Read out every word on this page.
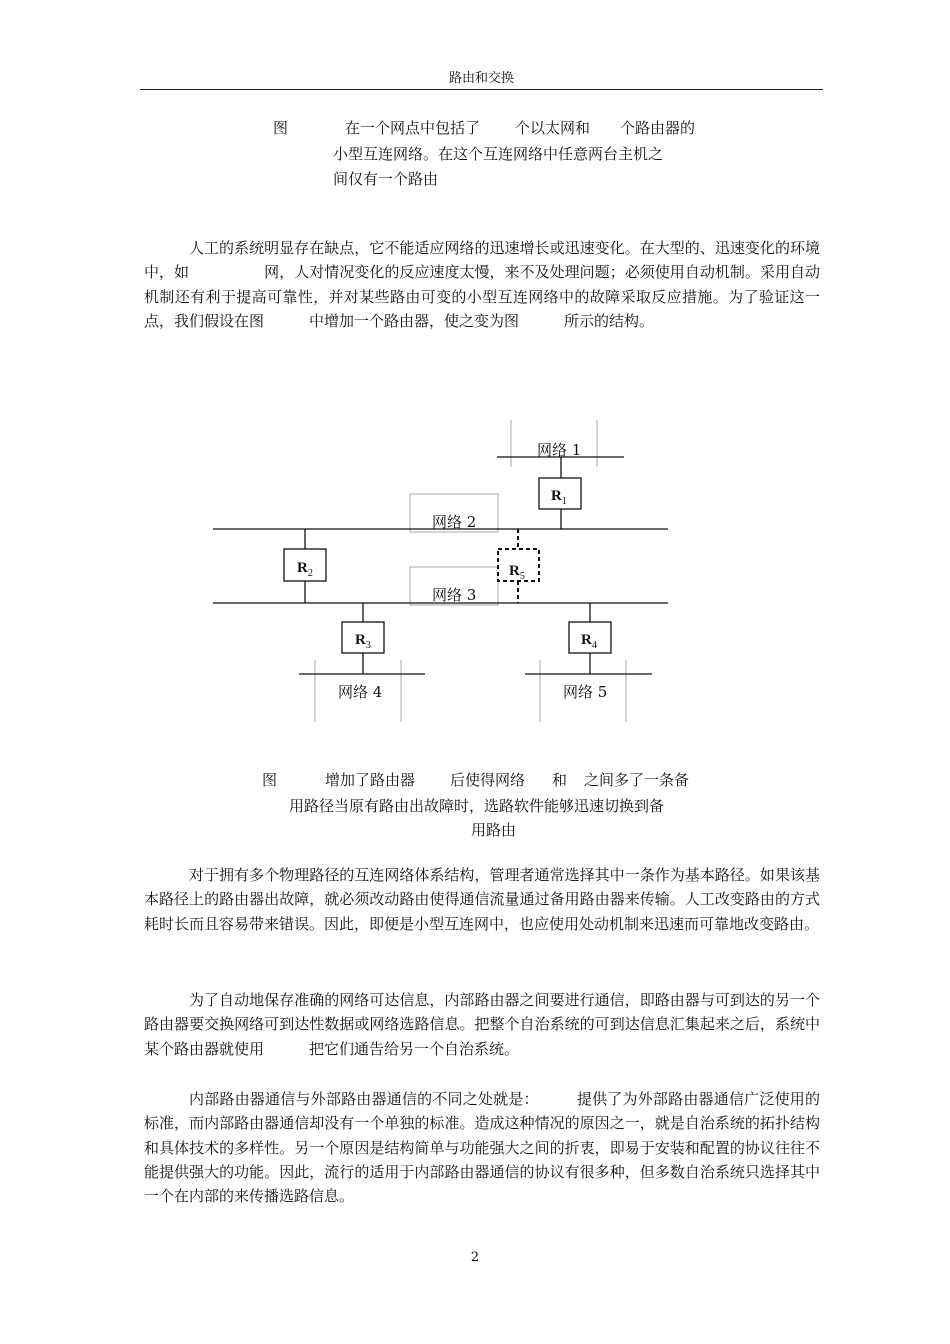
路由和交换
图	在一个网点中包括了 个以太网和 个路由器的
小型互连网络。在这个互连网络中任意两台主机之
间仅有一个路由

人工的系统明显存在缺点，它不能适应网络的迅速增长或迅速变化。在大型的、迅速变化的环境中，如　　　　　网，人对情况变化的反应速度太慢，来不及处理问题；必须使用自动机制。采用自动机制还有利于提高可靠性，并对某些路由可变的小型互连网络中的故障采取反应措施。为了验证这一点，我们假设在图　　　中增加一个路由器，使之变为图　　　所示的结构。

网络 1
网络 2
网络 3
网络 4	网络 5
$R_1$
$R_2$
$R_3$	$R_4$
$R_5$
图	增加了路由器 后使得网络 和 之间多了一条备
用路径当原有路由出故障时，选路软件能够迅速切换到备
用路由

对于拥有多个物理路径的互连网络体系结构，管理者通常选择其中一条作为基本路径。如果该基本路径上的路由器出故障，就必须改动路由使得通信流量通过备用路由器来传输。人工改变路由的方式耗时长而且容易带来错误。因此，即便是小型互连网中，也应使用处动机制来迅速而可靠地改变路由。

为了自动地保存准确的网络可达信息，内部路由器之间要进行通信，即路由器与可到达的另一个路由器要交换网络可到达性数据或网络选路信息。把整个自治系统的可到达信息汇集起来之后，系统中某个路由器就使用　　　把它们通告给另一个自治系统。

内部路由器通信与外部路由器通信的不同之处就是：　　　提供了为外部路由器通信广泛使用的标准，而内部路由器通信却没有一个单独的标准。造成这种情况的原因之一，就是自治系统的拓扑结构和具体技术的多样性。另一个原因是结构简单与功能强大之间的折衷，即易于安装和配置的协议往往不能提供强大的功能。因此，流行的适用于内部路由器通信的协议有很多种，但多数自治系统只选择其中一个在内部的来传播选路信息。

2
